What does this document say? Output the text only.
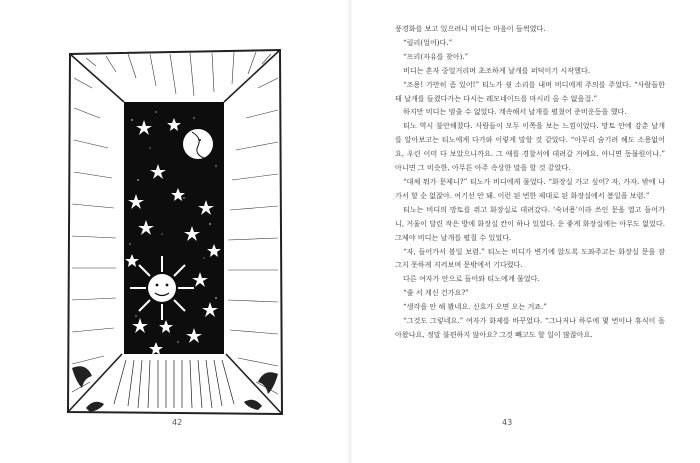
42

풍경화를 보고 있으려니 비디는 마음이 들썩였다.

“릴리(얼어)다.”

“프리(자유를 찾아).”

비디는 혼자 중얼거리며 초조하게 날개를 퍼덕이기 시작했다.

“조용! 가만히 좀 있어!” 티노가 쉿 소리를 내며 비디에게 주의를 주었다. “사람들한테 날개를 들켰다가는 다시는 레모네이드를 마시러 올 수 없을걸.”

하지만 비디는 멈출 수 없었다. 계속해서 날개를 펼쳤어 준비운동을 했다.

티노 역시 불안해졌다. 사람들이 모두 이쪽을 보는 느낌이었다. 망토 안에 감춘 날개를 알아보고는 티노에게 다가와 이렇게 말할 것 같았다. “아무리 숨기려 해도 소용없어요, 우린 이미 다 보았으니까요. 그 애를 경찰서에 데려갈 거예요. 아니면 동물원이나.” 아니면 그 비슷한, 아무튼 아주 속상한 말을 할 것 같았다.

“대체 뭐가 문제니?” 티노가 비디에게 물었다. “화장실 가고 싶어? 자, 가자. 밖에 나가서 할 순 없잖아. 여기선 안 돼. 이런 된 번한 제대로 된 화장실에서 봄일을 보렴.”

티노는 비디의 망토를 쥐고 화장실로 데려갔다. ‘숙녀용’이라 쓰인 문을 열고 들어가니, 거울이 달린 작은 방에 화장실 칸이 하나 있었다. 운 좋게 화장실에는 아무도 없었다. 그제야 비디는 날개를 펼칠 수 있었다.

“자, 들어가서 볼일 보렴.” 티노는 비디가 변기에 앉도록 도와주고는 화장실 문을 잠그지 못하게 지켜보며 문밖에서 기다렸다.

다른 여자가 안으로 들어와 티노에게 물었다.

“줄 서 계신 건가요?”

“생각을 안 해 봤네요. 신호가 오면 오는 거죠.”

“그것도 그렇네요.” 여자가 화제를 바꾸었다. “그나저나 하루에 몇 번이나 휴식이 돌아왔나요, 정말 불편하지 않아요? 그것 빼고도 할 일이 많잖아요.

43
